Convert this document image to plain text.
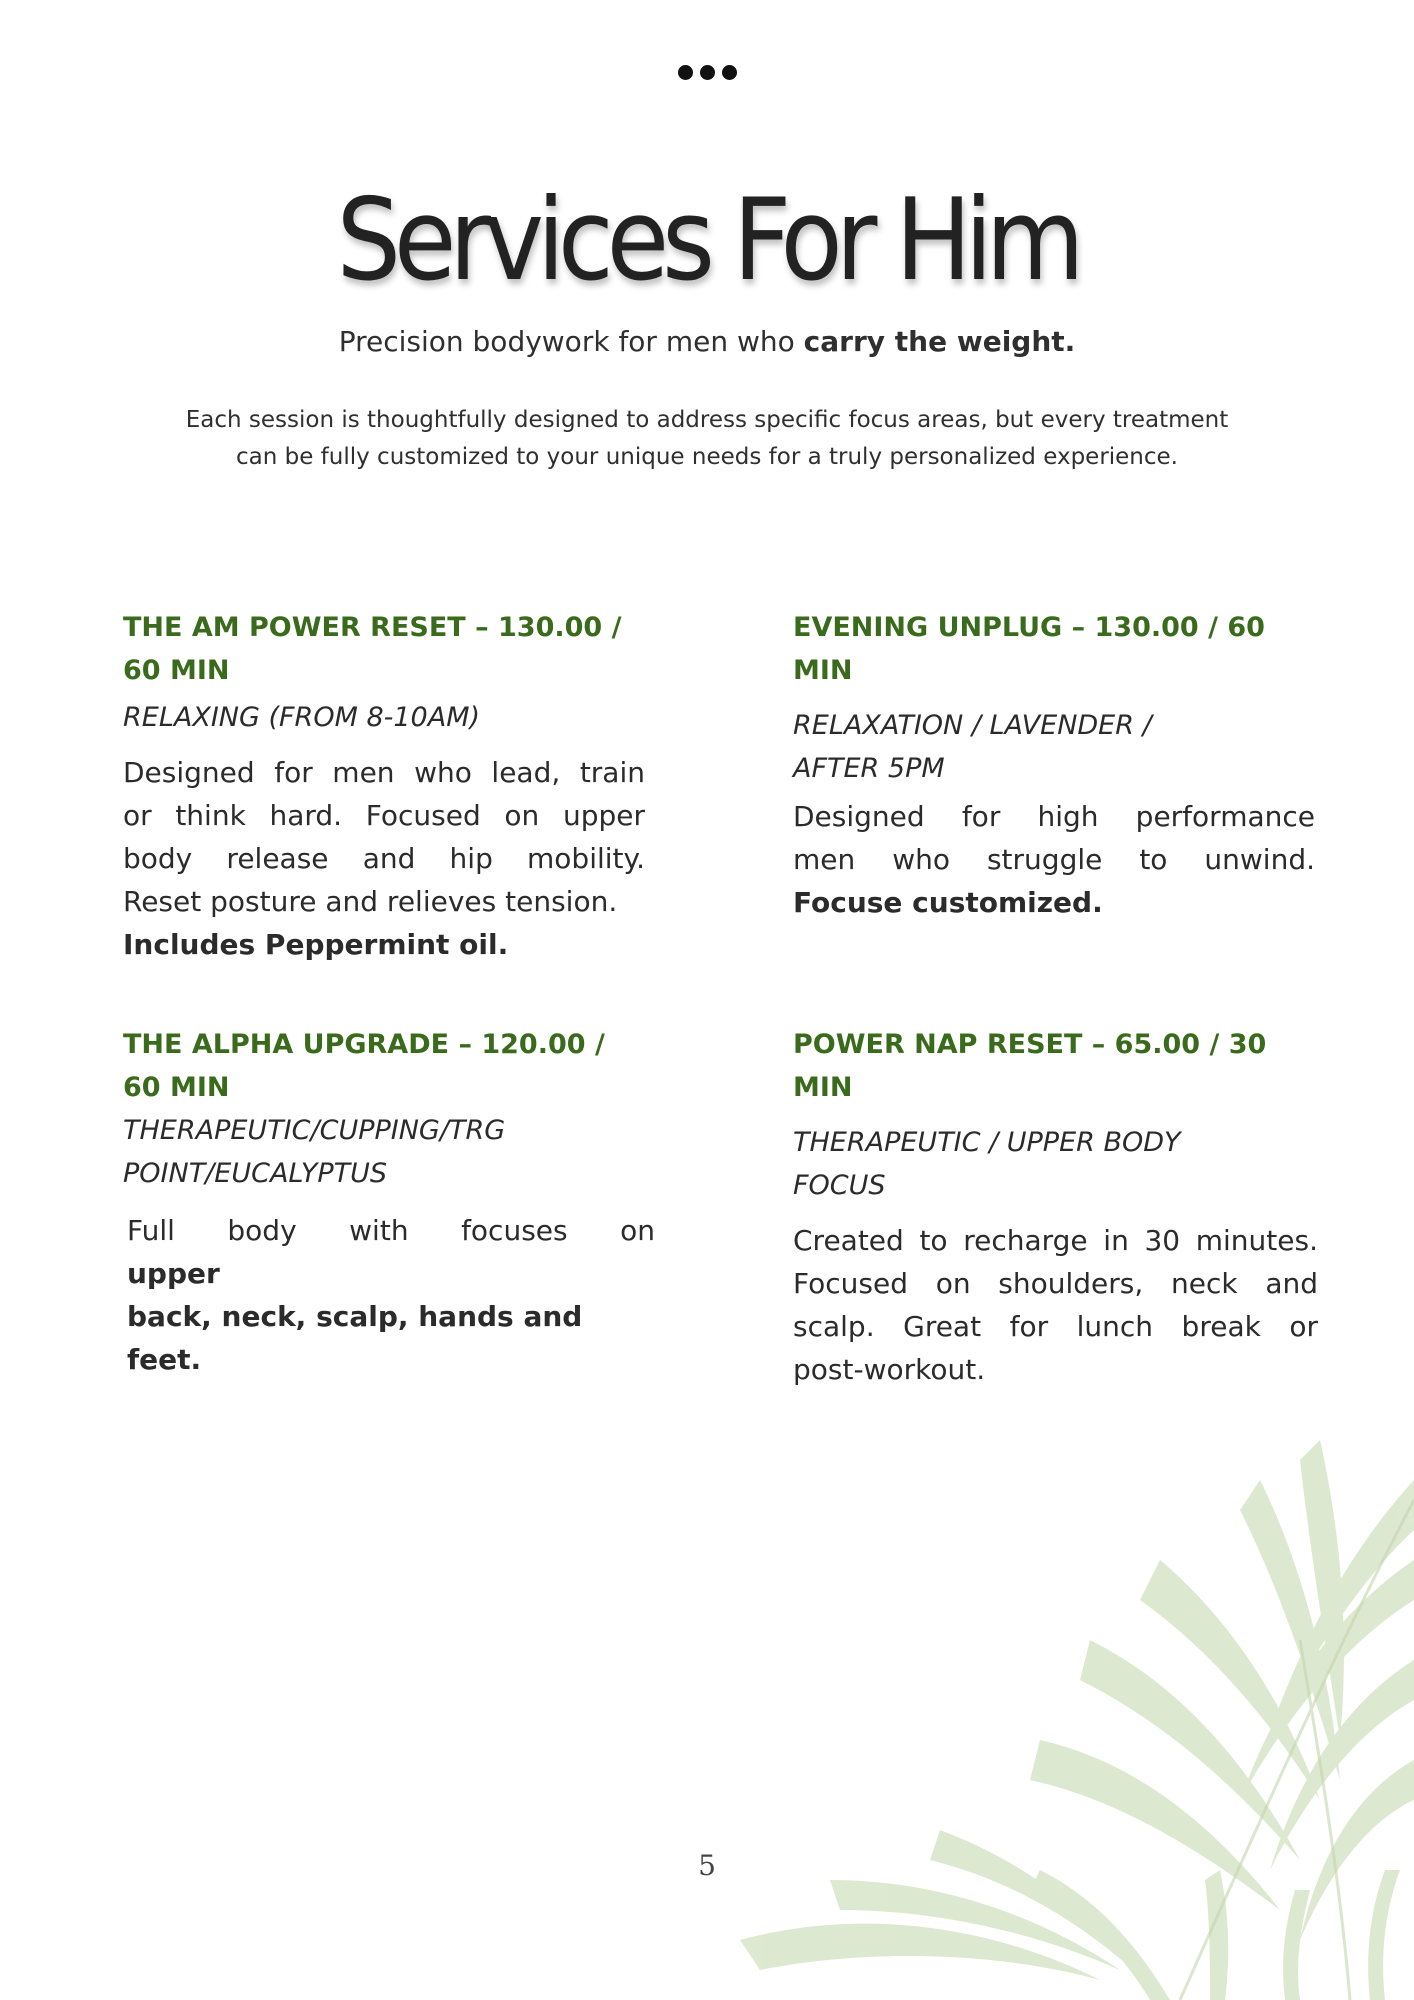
Services For Him

Precision bodywork for men who carry the weight.

Each session is thoughtfully designed to address specific focus areas, but every treatment
can be fully customized to your unique needs for a truly personalized experience.

THE AM POWER RESET – 130.00 /
60 MIN

RELAXING (FROM 8-10AM)

Designed for men who lead, train
or think hard. Focused on upper
body release and hip mobility.
Reset posture and relieves tension.
Includes Peppermint oil.

EVENING UNPLUG – 130.00 / 60
MIN

RELAXATION / LAVENDER /
AFTER 5PM

Designed for high performance
men who struggle to unwind.
Focuse customized.

THE ALPHA UPGRADE – 120.00 /
60 MIN

THERAPEUTIC/CUPPING/TRG
POINT/EUCALYPTUS

Full body with focuses on
upper
back, neck, scalp, hands and feet.

POWER NAP RESET – 65.00 / 30
MIN

THERAPEUTIC / UPPER BODY
FOCUS

Created to recharge in 30 minutes.
Focused on shoulders, neck and
scalp. Great for lunch break or
post-workout.

5
